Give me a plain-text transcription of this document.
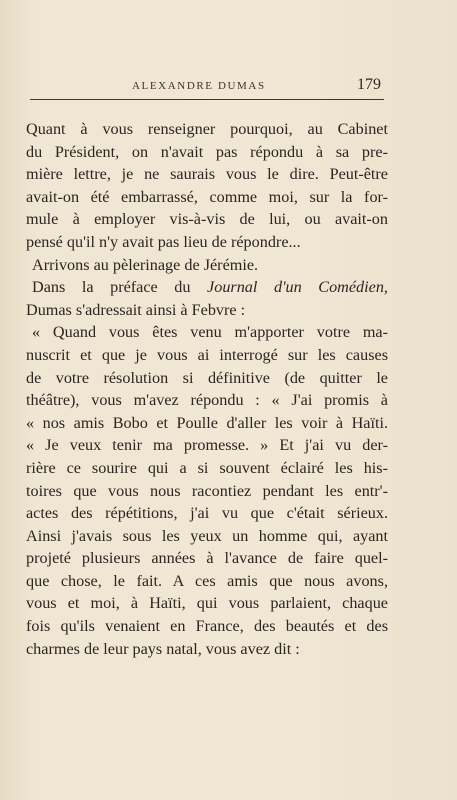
ALEXANDRE DUMAS	179
Quant à vous renseigner pourquoi, au Cabinet
du Président, on n'avait pas répondu à sa pre-
mière lettre, je ne saurais vous le dire. Peut-être
avait-on été embarrassé, comme moi, sur la for-
mule à employer vis-à-vis de lui, ou avait-on
pensé qu'il n'y avait pas lieu de répondre...
Arrivons au pèlerinage de Jérémie.
Dans la préface du Journal d'un Comédien,
Dumas s'adressait ainsi à Febvre :
« Quand vous êtes venu m'apporter votre ma-
nuscrit et que je vous ai interrogé sur les causes
de votre résolution si définitive (de quitter le
théâtre), vous m'avez répondu : « J'ai promis à
« nos amis Bobo et Poulle d'aller les voir à Haïti.
« Je veux tenir ma promesse. » Et j'ai vu der-
rière ce sourire qui a si souvent éclairé les his-
toires que vous nous racontiez pendant les entr'-
actes des répétitions, j'ai vu que c'était sérieux.
Ainsi j'avais sous les yeux un homme qui, ayant
projeté plusieurs années à l'avance de faire quel-
que chose, le fait. A ces amis que nous avons,
vous et moi, à Haïti, qui vous parlaient, chaque
fois qu'ils venaient en France, des beautés et des
charmes de leur pays natal, vous avez dit :
